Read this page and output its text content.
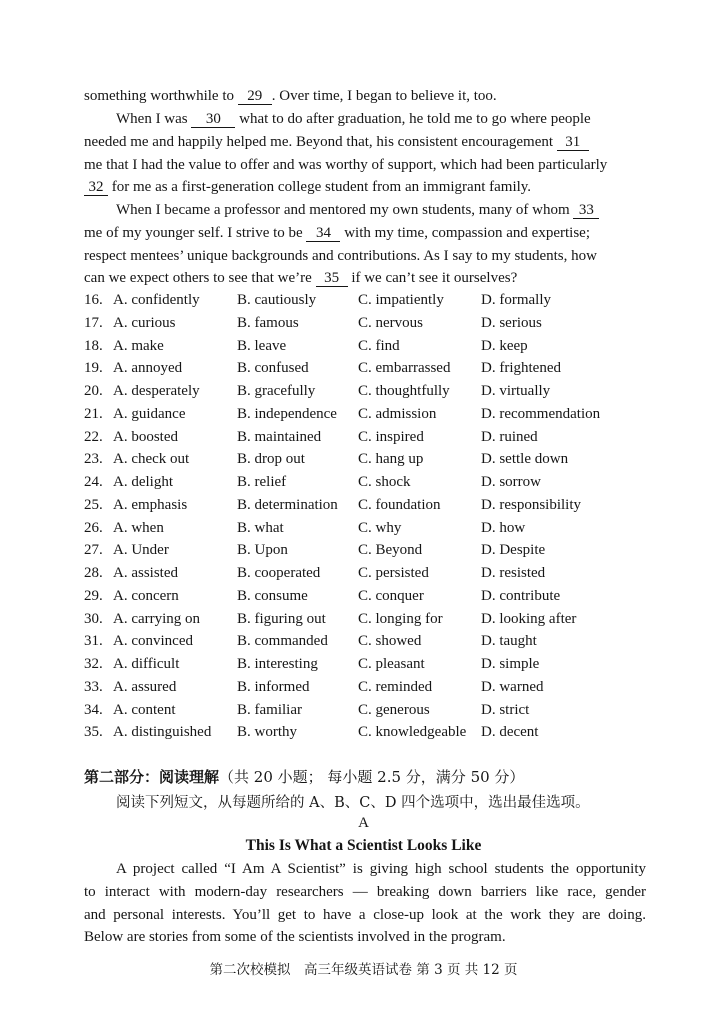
something worthwhile to 29 . Over time, I began to believe it, too.
When I was 30 what to do after graduation, he told me to go where people
needed me and happily helped me. Beyond that, his consistent encouragement 31
me that I had the value to offer and was worthy of support, which had been particularly
32 for me as a first-generation college student from an immigrant family.
When I became a professor and mentored my own students, many of whom 33
me of my younger self. I strive to be 34 with my time, compassion and expertise;
respect mentees’ unique backgrounds and contributions. As I say to my students, how
can we expect others to see that we’re 35 if we can’t see it ourselves?
16. A. confidently B. cautiously	C. impatiently D. formally
17. A. curious	B. famous	C. nervous	D. serious
18. A. make	B. leave	C. find	D. keep
19. A. annoyed	B. confused	C. embarrassed D. frightened
20. A. desperately B. gracefully	C. thoughtfully D. virtually
21. A. guidance	B. independence C. admission	D. recommendation
22. A. boosted	B. maintained C. inspired	D. ruined
23. A. check out	B. drop out	C. hang up	D. settle down
24. A. delight	B. relief	C. shock	D. sorrow
25. A. emphasis	B. determination C. foundation	D. responsibility
26. A. when	B. what	C. why	D. how
27. A. Under	B. Upon	C. Beyond	D. Despite
28. A. assisted	B. cooperated	C. persisted	D. resisted
29. A. concern	B. consume	C. conquer	D. contribute
30. A. carrying on B. figuring out C. longing for	D. looking after
31. A. convinced	B. commanded C. showed	D. taught
32. A. difficult	B. interesting	C. pleasant	D. simple
33. A. assured	B. informed	C. reminded	D. warned
34. A. content	B. familiar	C. generous	D. strict
35. A. distinguished B. worthy	C. knowledgeable D. decent
第二部分：阅读理解（共 20 小题； 每小题 2.5 分，满分 50 分）
阅读下列短文，从每题所给的 A、B、C、D 四个选项中，选出最佳选项。
A
This Is What a Scientist Looks Like
A project called “I Am A Scientist” is giving high school students the opportunity
to interact with modern-day researchers — breaking down barriers like race, gender
and personal interests. You’ll get to have a close-up look at the work they are doing.
Below are stories from some of the scientists involved in the program.
第二次校模拟　高三年级英语试卷 第 3 页 共 12 页
